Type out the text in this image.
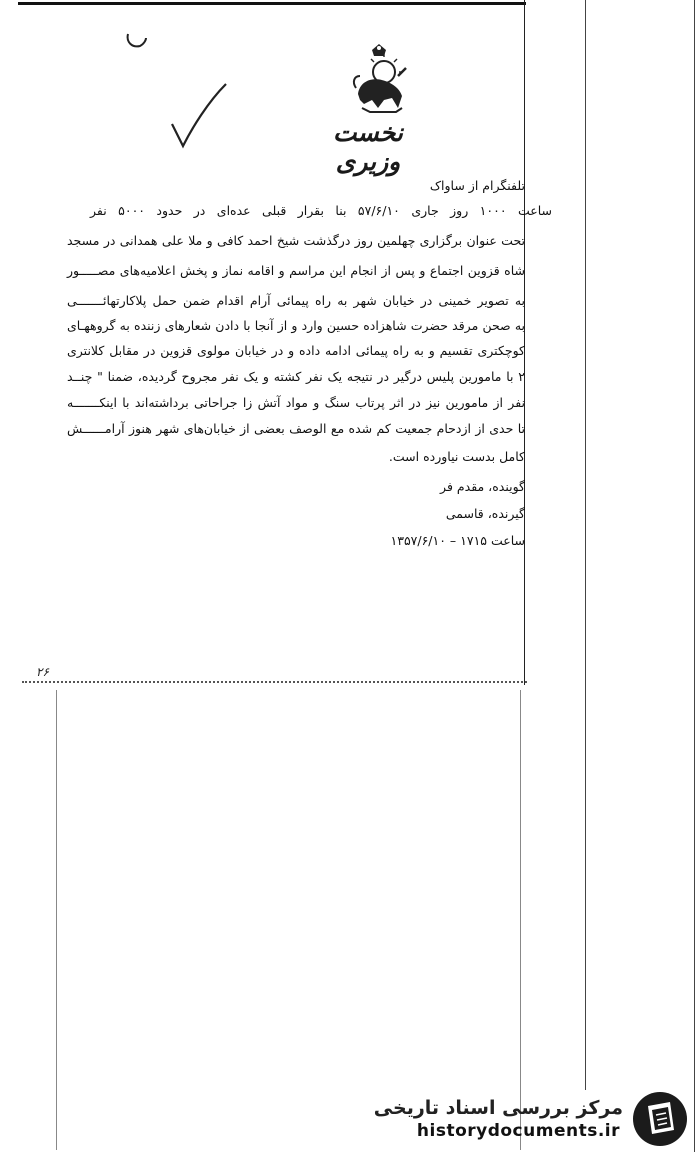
نخست وزیری
تلفنگرام از ساواک
ساعت ۱۰۰۰ روز جاری ۵۷/۶/۱۰ بنا بقرار قبلی عده‌ای در حدود ۵۰۰۰ نفر
تحت عنوان برگزاری چهلمین روز درگذشت شیخ احمد کافی و ملا علی همدانی در مسجد
شاه قزوین اجتماع و پس از انجام این مراسم و اقامه نماز و پخش اعلامیه‌های مصـــــور
به تصویر خمینی در خیابان شهر به راه پیمائی آرام اقدام ضمن حمل پلاکارتهائـــــــی
به صحن مرقد حضرت شاهزاده حسین وارد و از آنجا با دادن شعارهای زننده به گروههـای
کوچکتری تقسیم و به راه پیمائی ادامه داده و در خیابان مولوی قزوین در مقابل کلانتری
۲ با مامورین پلیس درگیر در نتیجه یک نفر کشته و یک نفر مجروح گردیده، ضمنا " چنــد
نفر از مامورین نیز در اثر پرتاب سنگ و مواد آتش زا جراحاتی برداشته‌اند با اینکـــــــه
تا حدی از ازدحام جمعیت کم شده مع الوصف بعضی از خیابان‌های شهر هنوز آرامــــــش
کامل بدست نیاورده است.
گوینده، مقدم فر
گیرنده، قاسمی
ساعت ۱۷۱۵ – ۱۳۵۷/۶/۱۰
۲۶
مرکز بررسی اسناد تاریخی
historydocuments.ir
